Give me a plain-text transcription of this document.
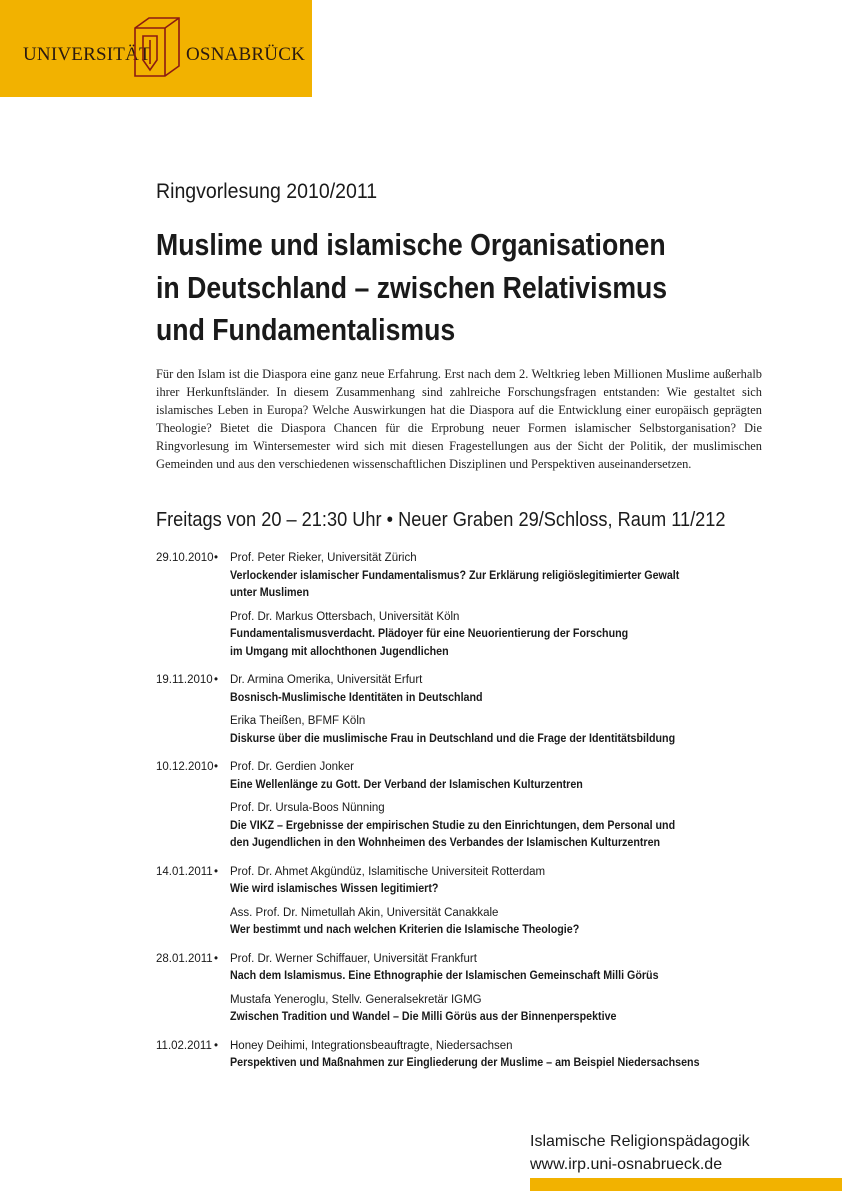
UNIVERSITÄT OSNABRÜCK
Ringvorlesung 2010/2011
Muslime und islamische Organisationen
in Deutschland – zwischen Relativismus
und Fundamentalismus
Für den Islam ist die Diaspora eine ganz neue Erfahrung. Erst nach dem 2. Weltkrieg leben Millionen Muslime außerhalb ihrer Herkunftsländer. In diesem Zusammenhang sind zahlreiche Forschungsfragen entstanden: Wie gestaltet sich islamisches Leben in Europa? Welche Auswirkungen hat die Diaspora auf die Entwicklung einer europäisch geprägten Theologie? Bietet die Diaspora Chancen für die Erprobung neuer Formen islamischer Selbstorganisation? Die Ringvorlesung im Wintersemester wird sich mit diesen Fragestellungen aus der Sicht der Politik, der muslimischen Gemeinden und aus den verschiedenen wissenschaftlichen Disziplinen und Perspektiven auseinandersetzen.
Freitags von 20 – 21:30 Uhr • Neuer Graben 29/Schloss, Raum 11/212
29.10.2010 • Prof. Peter Rieker, Universität Zürich
Verlockender islamischer Fundamentalismus? Zur Erklärung religiöslegitimierter Gewalt
unter Muslimen
Prof. Dr. Markus Ottersbach, Universität Köln
Fundamentalismusverdacht. Plädoyer für eine Neuorientierung der Forschung
im Umgang mit allochthonen Jugendlichen
19.11.2010 • Dr. Armina Omerika, Universität Erfurt
Bosnisch-Muslimische Identitäten in Deutschland
Erika Theißen, BFMF Köln
Diskurse über die muslimische Frau in Deutschland und die Frage der Identitätsbildung
10.12.2010 • Prof. Dr. Gerdien Jonker
Eine Wellenlänge zu Gott. Der Verband der Islamischen Kulturzentren
Prof. Dr. Ursula-Boos Nünning
Die VIKZ – Ergebnisse der empirischen Studie zu den Einrichtungen, dem Personal und
den Jugendlichen in den Wohnheimen des Verbandes der Islamischen Kulturzentren
14.01.2011 • Prof. Dr. Ahmet Akgündüz, Islamitische Universiteit Rotterdam
Wie wird islamisches Wissen legitimiert?
Ass. Prof. Dr. Nimetullah Akin, Universität Canakkale
Wer bestimmt und nach welchen Kriterien die Islamische Theologie?
28.01.2011 • Prof. Dr. Werner Schiffauer, Universität Frankfurt
Nach dem Islamismus. Eine Ethnographie der Islamischen Gemeinschaft Milli Görüs
Mustafa Yeneroglu, Stellv. Generalsekretär IGMG
Zwischen Tradition und Wandel – Die Milli Görüs aus der Binnenperspektive
11.02.2011 • Honey Deihimi, Integrationsbeauftragte, Niedersachsen
Perspektiven und Maßnahmen zur Eingliederung der Muslime – am Beispiel Niedersachsens
Islamische Religionspädagogik
www.irp.uni-osnabrueck.de
